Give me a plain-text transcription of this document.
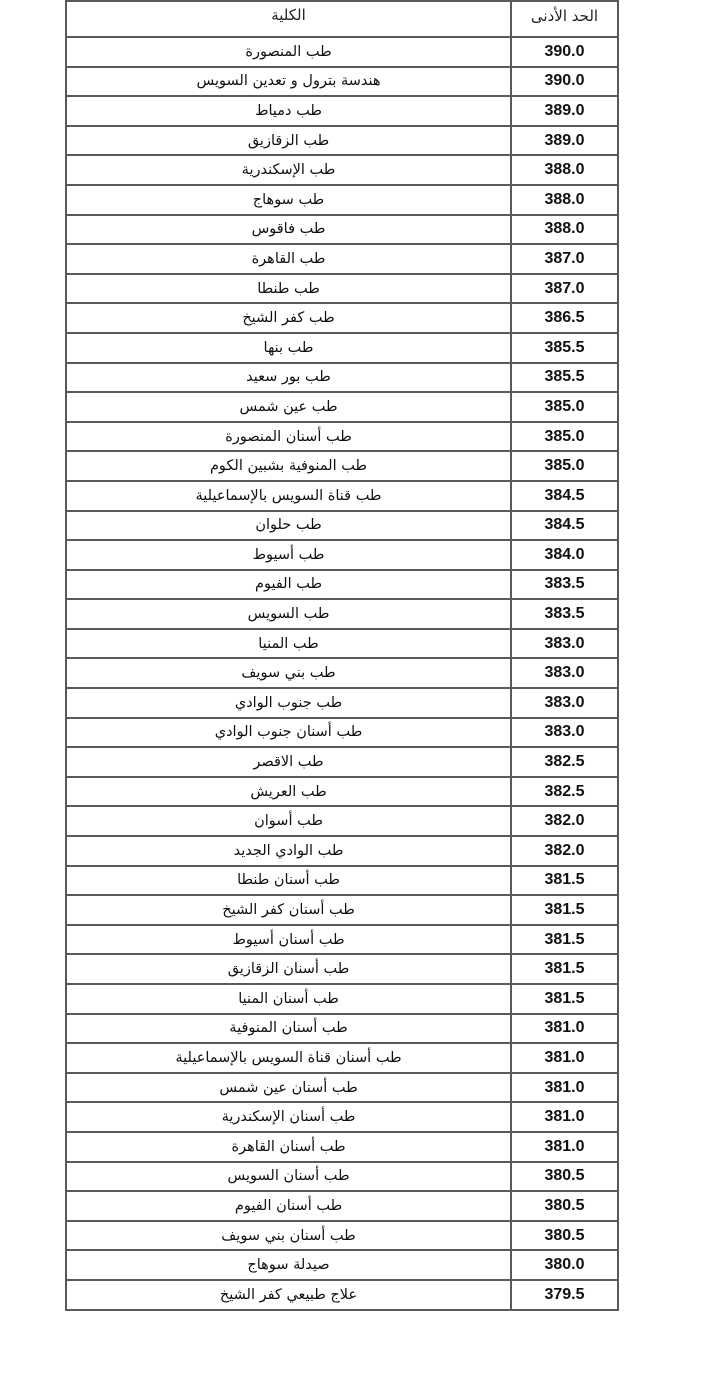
الكلية	الحد الأدنى
طب المنصورة	390.0
هندسة بترول و تعدين السويس	390.0
طب دمياط	389.0
طب الزقازيق	389.0
طب الإسكندرية	388.0
طب سوهاج	388.0
طب فاقوس	388.0
طب القاهرة	387.0
طب طنطا	387.0
طب كفر الشيخ	386.5
طب بنها	385.5
طب بور سعيد	385.5
طب عين شمس	385.0
طب أسنان المنصورة	385.0
طب المنوفية بشبين الكوم	385.0
طب قناة السويس بالإسماعيلية	384.5
طب حلوان	384.5
طب أسيوط	384.0
طب الفيوم	383.5
طب السويس	383.5
طب المنيا	383.0
طب بني سويف	383.0
طب جنوب الوادي	383.0
طب أسنان جنوب الوادي	383.0
طب الاقصر	382.5
طب العريش	382.5
طب أسوان	382.0
طب الوادي الجديد	382.0
طب أسنان طنطا	381.5
طب أسنان كفر الشيخ	381.5
طب أسنان أسيوط	381.5
طب أسنان الزقازيق	381.5
طب أسنان المنيا	381.5
طب أسنان المنوفية	381.0
طب أسنان قناة السويس بالإسماعيلية	381.0
طب أسنان عين شمس	381.0
طب أسنان الإسكندرية	381.0
طب أسنان القاهرة	381.0
طب أسنان السويس	380.5
طب أسنان الفيوم	380.5
طب أسنان بني سويف	380.5
صيدلة سوهاج	380.0
علاج طبيعي كفر الشيخ	379.5
